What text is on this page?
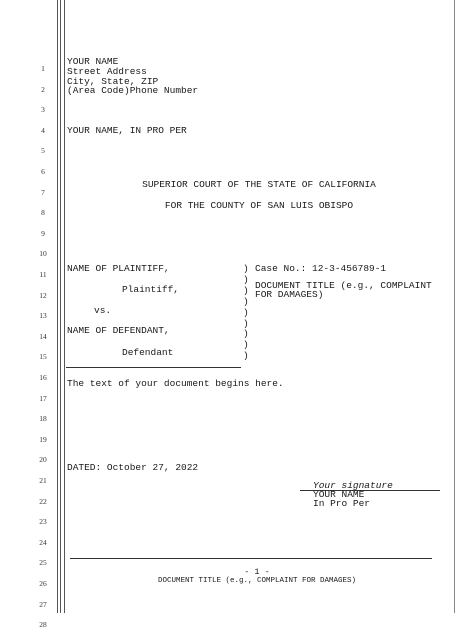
1
2
3
4
5
6
7
8
9
10
11
12
13
14
15
16
17
18
19
20
21
22
23
24
25
26
27
28
YOUR NAME
Street Address
City, State, ZIP
(Area Code)Phone Number
YOUR NAME, IN PRO PER
SUPERIOR COURT OF THE STATE OF CALIFORNIA
FOR THE COUNTY OF SAN LUIS OBISPO
NAME OF PLAINTIFF,
Plaintiff,
vs.
NAME OF DEFENDANT,
Defendant
)
)
)
)
)
)
)
)
)
Case No.: 12-3-456789-1
DOCUMENT TITLE (e.g., COMPLAINT
FOR DAMAGES)
The text of your document begins here.
DATED: October 27, 2022
Your signature
YOUR NAME
In Pro Per
- 1 -
DOCUMENT TITLE (e.g., COMPLAINT FOR DAMAGES)
